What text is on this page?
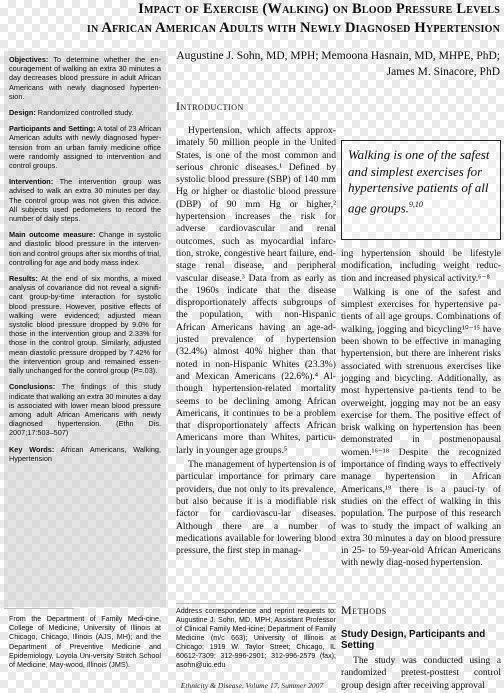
Impact of Exercise (Walking) on Blood Pressure Levels
in African American Adults with Newly Diagnosed Hypertension

Objectives: To determine whether the en-couragement of walking an extra 30 minutes a day decreases blood pressure in adult African Americans with newly diagnosed hyperten-sion.

Design: Randomized controlled study.

Participants and Setting: A total of 23 African American adults with newly diagnosed hyper-tension from an urban family medicine office were randomly assigned to intervention and control groups.

Intervention: The intervention group was advised to walk an extra 30 minutes per day. The control group was not given this advice. All subjects used pedometers to record the number of daily steps.

Main outcome measure: Change in systolic and diastolic blood pressure in the interven-tion and control groups after six months of trial, controlling for age and body mass index.

Results: At the end of six months, a mixed analysis of covariance did not reveal a signifi-cant group-by-time interaction for systolic blood pressure. However, positive effects of walking were evidenced; adjusted mean systolic blood pressure dropped by 9.0% for those in the intervention group and 2.33% for those in the control group. Similarly, adjusted mean diastolic pressure dropped by 7.42% for the intervention group and remained essen-tially unchanged for the control group (P=.03).

Conclusions: The findings of this study indicate that walking an extra 30 minutes a day is associated with lower mean blood pressure among adult African Americans with newly diagnosed hypertension. (Ethn Dis. 2007;17:503–507)

Key Words: African Americans, Walking, Hypertension

From the Department of Family Medi-cine, College of Medicine, University of Illinois at Chicago, Chicago, Illinois (AJS, MH); and the Department of Preventive Medicine and Epidemiology, Loyola Uni-versity Stritch School of Medicine, May-wood, Illinois (JMS).
Augustine J. Sohn, MD, MPH; Memoona Hasnain, MD, MHPE, PhD;
James M. Sinacore, PhD
Introduction

Hypertension, which affects approx-imately 50 million people in the United States, is one of the most common and serious chronic diseases.¹ Defined by systolic blood pressure (SBP) of 140 mm Hg or higher or diastolic blood pressure (DBP) of 90 mm Hg or higher,² hypertension increases the risk for adverse cardiovascular and renal outcomes, such as myocardial infarc-tion, stroke, congestive heart failure, end-stage renal disease, and peripheral vascular disease.³ Data from as early as the 1960s indicate that the disease disproportionately affects subgroups of the population, with non-Hispanic African Americans having an age-ad-justed prevalence of hypertension (32.4%) almost 40% higher than that noted in non-Hispanic Whites (23.3%) and Mexican Americans (22.6%).⁴ Al-though hypertension-related mortality seems to be declining among African Americans, it continues to be a problem that disproportionately affects African Americans more than Whites, particu-larly in younger age groups.⁵

The management of hypertension is of particular importance for primary care providers, due not only to its prevalence, but also because it is a modifiable risk factor for cardiovascu-lar diseases. Although there are a number of medications available for lowering blood pressure, the first step in manag-

Walking is one of the safest and simplest exercises for hypertensive patients of all age groups.$^{9,10}$

ing hypertension should be lifestyle modification, including weight reduc-tion and increased physical activity.⁶⁻⁸

Walking is one of the safest and simplest exercises for hypertensive pa-tients of all age groups. Combinations of walking, jogging and bicycling¹⁰⁻¹⁵ have been shown to be effective in managing hypertension, but there are inherent risks associated with strenuous exercises like jogging and bicycling. Additionally, as most hypertensive pa-tients tend to be overweight, jogging may not be an easy exercise for them. The positive effect of brisk walking on hypertension has been demonstrated in postmenopausal women.¹⁶⁻¹⁸ Despite the recognized importance of finding ways to effectively manage hypertension in African Americans,¹⁹ there is a pauci-ty of studies on the effect of walking in this population. The purpose of this research was to study the impact of walking an extra 30 minutes a day on blood pressure in 25- to 59-year-old African Americans with newly diag-nosed hypertension.

Address correspondence and reprint requests to: Augustine J. Sohn, MD, MPH; Assistant Professor of Clinical Family Med-icine; Department of Family Medicine (m/c 663); University of Illinois at Chicago; 1919 W. Taylor Street; Chicago, IL 60612-7309; 312-996-2901; 312-996-2579 (fax); asohn@uic.edu
Methods
Study Design, Participants and Setting

The study was conducted using a randomized pretest-posttest control group design after receiving approval

Ethnicity & Disease, Volume 17, Summer 2007
